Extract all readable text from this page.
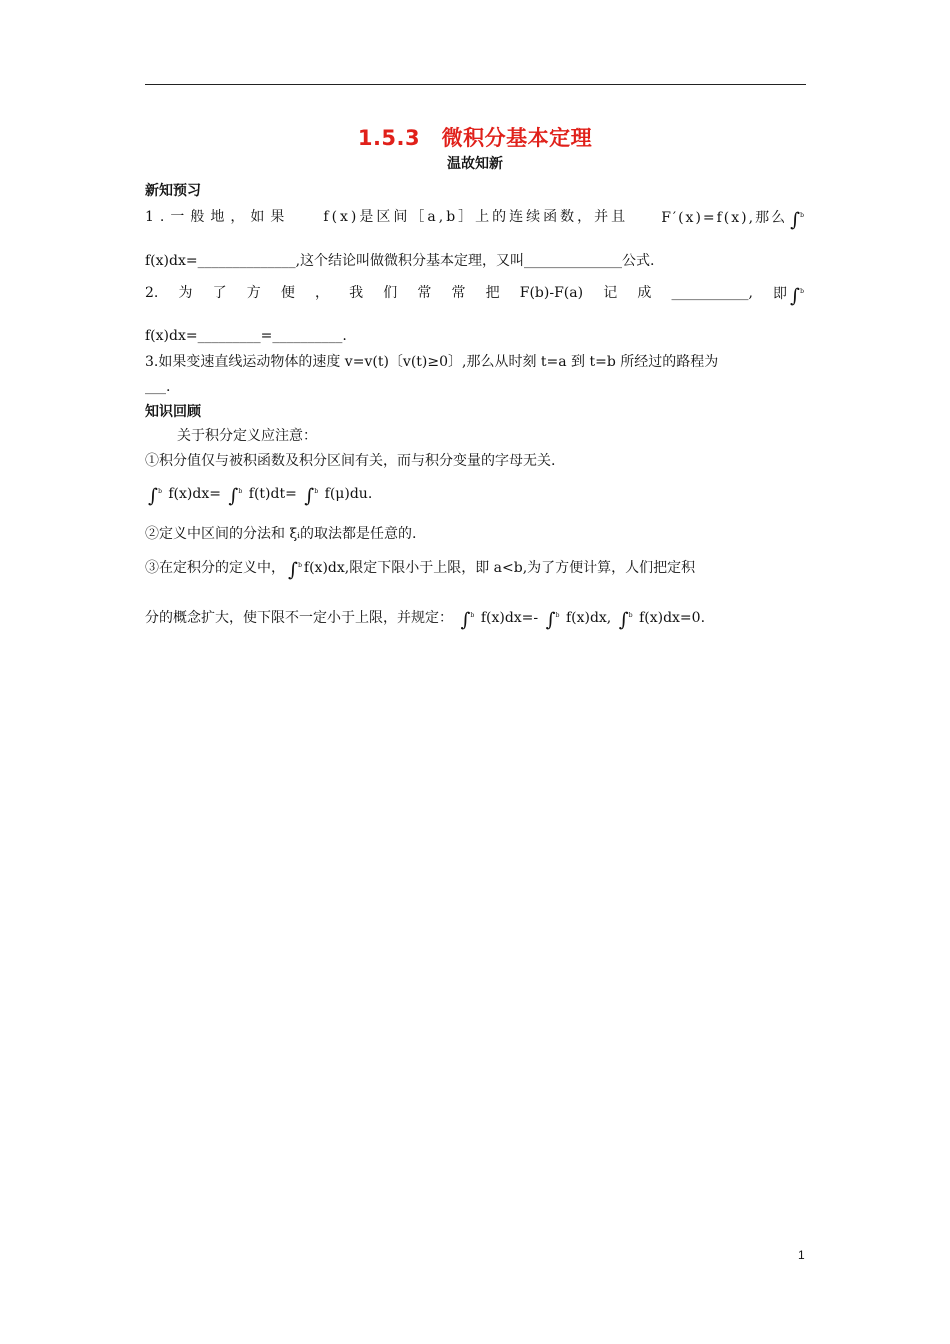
1.5.3　微积分基本定理
温故知新
新知预习
1.一般地，如果 f(x)是区间［a,b］上的连续函数，并且 F′(x)=f(x),那么 ∫ b
f(x)dx=______________,这个结论叫做微积分基本定理，又叫______________公式.
2. 为 了 方 便 ， 我 们 常 常 把 F(b)-F(a) 记 成 ___________, 即 ∫ b
f(x)dx=_________=__________.
3.如果变速直线运动物体的速度 v=v(t)〔v(t)≥0〕,那么从时刻 t=a 到 t=b 所经过的路程为
___.
知识回顾
关于积分定义应注意：
①积分值仅与被积函数及积分区间有关，而与积分变量的字母无关.
∫ b f(x)dx= ∫ b f(t)dt= ∫ b f(μ)du.
②定义中区间的分法和 ξᵢ的取法都是任意的.
③在定积分的定义中， ∫ b f(x)dx,限定下限小于上限，即 a<b,为了方便计算，人们把定积
分的概念扩大，使下限不一定小于上限，并规定： ∫ b f(x)dx=- ∫ b f(x)dx, ∫ b f(x)dx=0.
1
